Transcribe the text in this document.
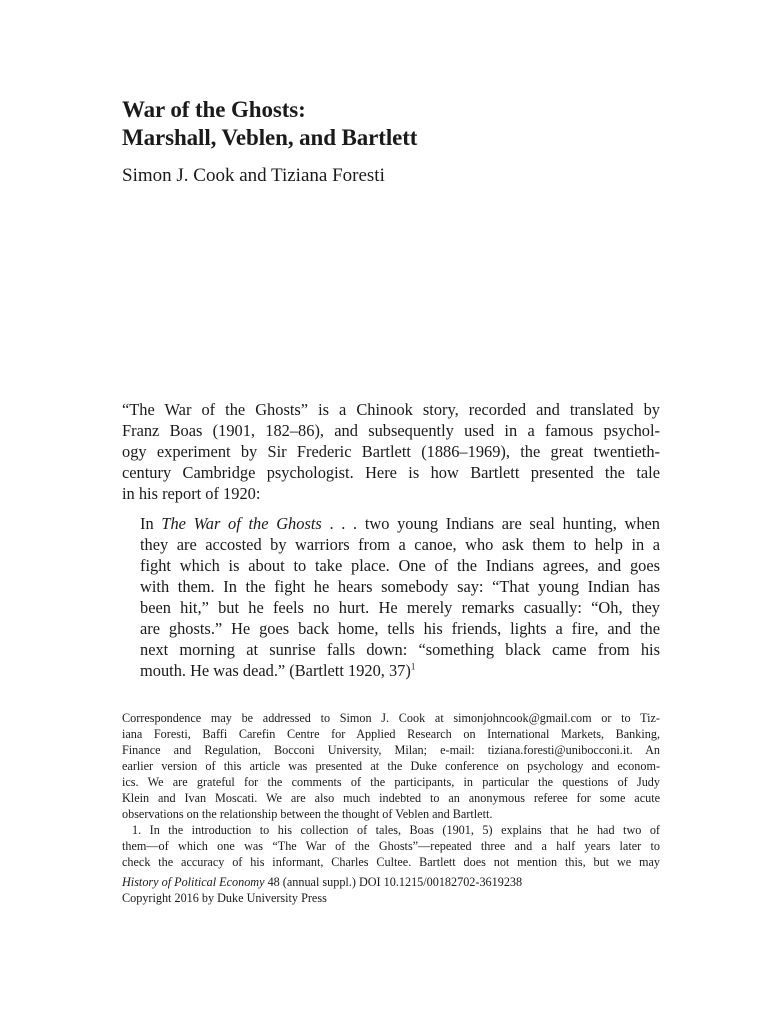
War of the Ghosts:
Marshall, Veblen, and Bartlett
Simon J. Cook and Tiziana Foresti

“The War of the Ghosts” is a Chinook story, recorded and translated by
Franz Boas (1901, 182–86), and subsequently used in a famous psychol-
ogy experiment by Sir Frederic Bartlett (1886–1969), the great twentieth-
century Cambridge psychologist. Here is how Bartlett presented the tale
in his report of 1920:

In The War of the Ghosts . . . two young Indians are seal hunting, when
they are accosted by warriors from a canoe, who ask them to help in a
fight which is about to take place. One of the Indians agrees, and goes
with them. In the fight he hears somebody say: “That young Indian has
been hit,” but he feels no hurt. He merely remarks casually: “Oh, they
are ghosts.” He goes back home, tells his friends, lights a fire, and the
next morning at sunrise falls down: “something black came from his
mouth. He was dead.” (Bartlett 1920, 37)$^1$
Correspondence may be addressed to Simon J. Cook at simonjohncook@gmail.com or to Tiz-
iana Foresti, Baffi Carefin Centre for Applied Research on International Markets, Banking,
Finance and Regulation, Bocconi University, Milan; e-mail: tiziana.foresti@unibocconi.it. An
earlier version of this article was presented at the Duke conference on psychology and econom-
ics. We are grateful for the comments of the participants, in particular the questions of Judy
Klein and Ivan Moscati. We are also much indebted to an anonymous referee for some acute
observations on the relationship between the thought of Veblen and Bartlett.
1. In the introduction to his collection of tales, Boas (1901, 5) explains that he had two of
them—of which one was “The War of the Ghosts”—repeated three and a half years later to
check the accuracy of his informant, Charles Cultee. Bartlett does not mention this, but we may
History of Political Economy 48 (annual suppl.) DOI 10.1215/00182702-3619238
Copyright 2016 by Duke University Press
